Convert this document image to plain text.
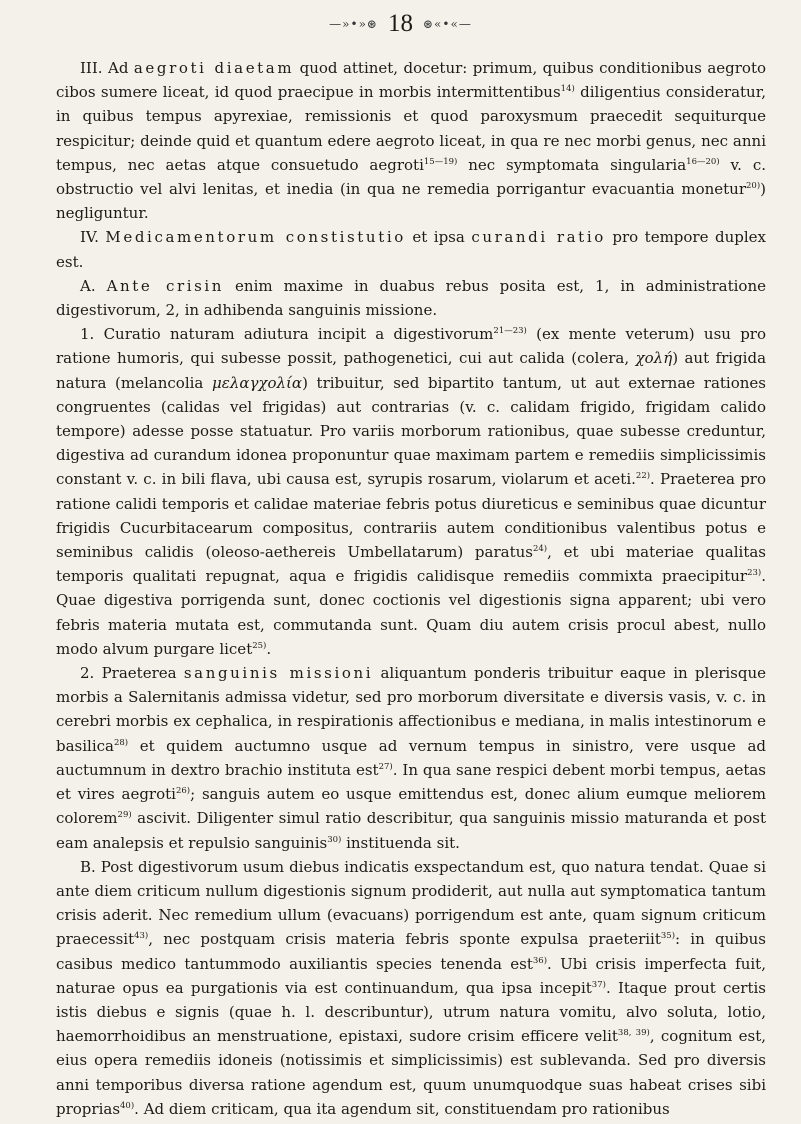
—»•»⊛ 18 ⊛«•«—

III. Ad aegroti diaetam quod attinet, docetur: primum, quibus conditionibus aegroto cibos sumere liceat, id quod praecipue in morbis intermittentibus$^{14)}$ diligentius consideratur, in quibus tempus apyrexiae, remissionis et quod paroxysmum praecedit sequiturque respicitur; deinde quid et quantum edere aegroto liceat, in qua re nec morbi genus, nec anni tempus, nec aetas atque consuetudo aegroti$^{15—19)}$ nec symptomata singularia$^{16—20)}$ v. c. obstructio vel alvi lenitas, et inedia (in qua ne remedia porrigantur evacuantia monetur$^{20)}$) negliguntur.

IV. Medicamentorum constistutio et ipsa curandi ratio pro tempore duplex est.

A. Ante crisin enim maxime in duabus rebus posita est, 1, in administratione digestivorum, 2, in adhibenda sanguinis missione.

1. Curatio naturam adiutura incipit a digestivorum$^{21—23)}$ (ex mente veterum) usu pro ratione humoris, qui subesse possit, pathogenetici, cui aut calida (colera, χολή) aut frigida natura (melancolia μελαγχολία) tribuitur, sed bipartito tantum, ut aut externae rationes congruentes (calidas vel frigidas) aut contrarias (v. c. calidam frigido, frigidam calido tempore) adesse posse statuatur. Pro variis morborum rationibus, quae subesse creduntur, digestiva ad curandum idonea proponuntur quae maximam partem e remediis simplicissimis constant v. c. in bili flava, ubi causa est, syrupis rosarum, violarum et aceti.$^{22)}$. Praeterea pro ratione calidi temporis et calidae materiae febris potus diureticus e seminibus quae dicuntur frigidis Cucurbitacearum compositus, contrariis autem conditionibus valentibus potus e seminibus calidis (oleoso-aethereis Umbellatarum) paratus$^{24)}$, et ubi materiae qualitas temporis qualitati repugnat, aqua e frigidis calidisque remediis commixta praecipitur$^{23)}$. Quae digestiva porrigenda sunt, donec coctionis vel digestionis signa apparent; ubi vero febris materia mutata est, commutanda sunt. Quam diu autem crisis procul abest, nullo modo alvum purgare licet$^{25)}$.

2. Praeterea sanguinis missioni aliquantum ponderis tribuitur eaque in plerisque morbis a Salernitanis admissa videtur, sed pro morborum diversitate e diversis vasis, v. c. in cerebri morbis ex cephalica, in respirationis affectionibus e mediana, in malis intestinorum e basilica$^{28)}$ et quidem auctumno usque ad vernum tempus in sinistro, vere usque ad auctumnum in dextro brachio instituta est$^{27)}$. In qua sane respici debent morbi tempus, aetas et vires aegroti$^{26)}$; sanguis autem eo usque emittendus est, donec alium eumque meliorem colorem$^{29)}$ ascivit. Diligenter simul ratio describitur, qua sanguinis missio maturanda et post eam analepsis et repulsio sanguinis$^{30)}$ instituenda sit.

B. Post digestivorum usum diebus indicatis exspectandum est, quo natura tendat. Quae si ante diem criticum nullum digestionis signum prodiderit, aut nulla aut symptomatica tantum crisis aderit. Nec remedium ullum (evacuans) porrigendum est ante, quam signum criticum praecessit$^{43)}$, nec postquam crisis materia febris sponte expulsa praeteriit$^{35)}$: in quibus casibus medico tantummodo auxiliantis species tenenda est$^{36)}$. Ubi crisis imperfecta fuit, naturae opus ea purgationis via est continuandum, qua ipsa incepit$^{37)}$. Itaque prout certis istis diebus e signis (quae h. l. describuntur), utrum natura vomitu, alvo soluta, lotio, haemorrhoidibus an menstruatione, epistaxi, sudore crisim efficere velit$^{38, 39)}$, cognitum est, eius opera remediis idoneis (notissimis et simplicissimis) est sublevanda. Sed pro diversis anni temporibus diversa ratione agendum est, quum unumquodque suas habeat crises sibi proprias$^{40)}$. Ad diem criticam, qua ita agendum sit, constituendam pro rationibus
